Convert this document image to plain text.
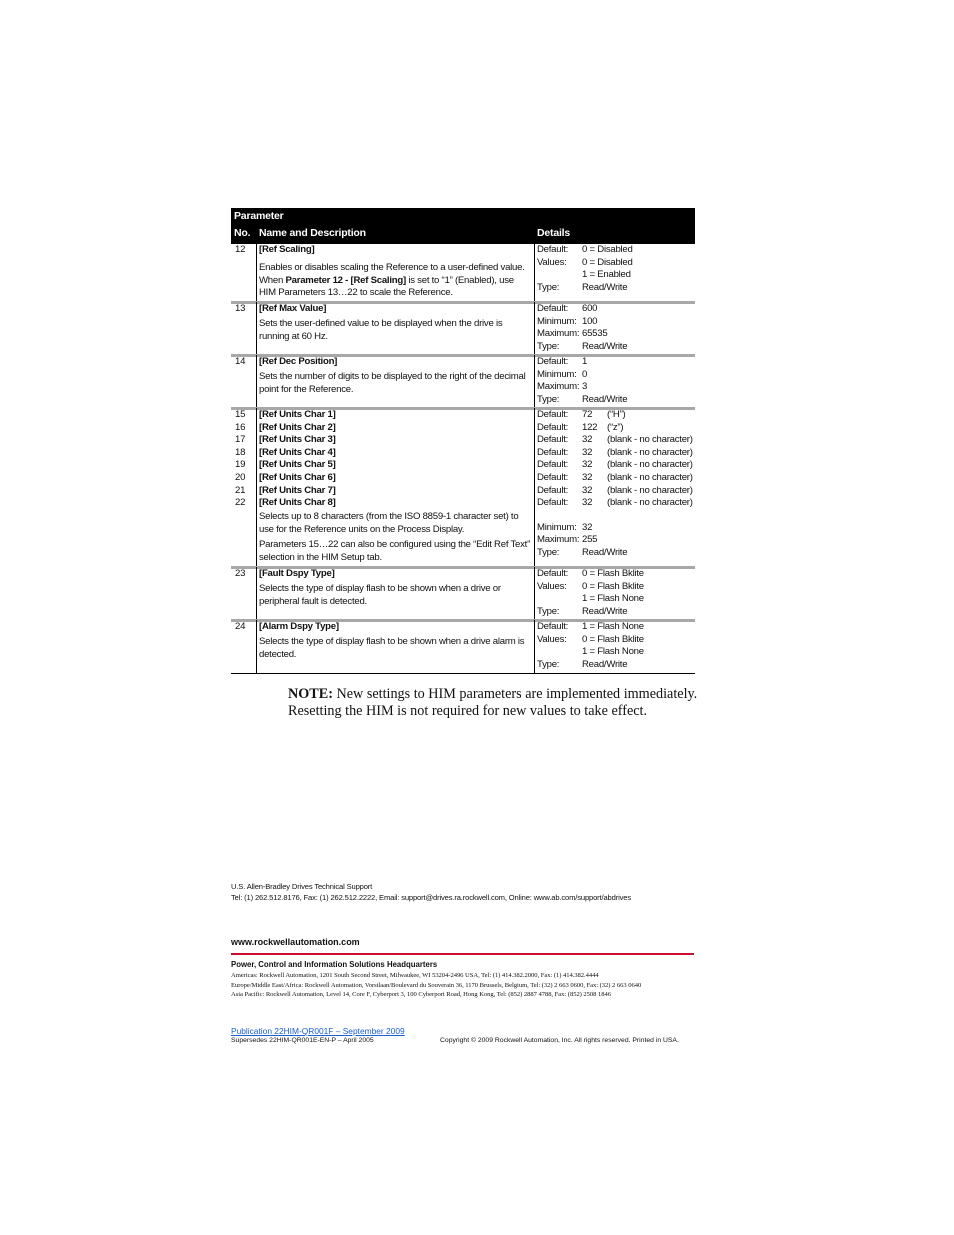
Parameter
No. Name and Description	Details
12 [Ref Scaling]

Enables or disables scaling the Reference to a user-defined value. When Parameter 12 - [Ref Scaling] is set to “1” (Enabled), use HIM Parameters 13…22 to scale the Reference.

Default: 0 = Disabled
Values: 0 = Disabled
1 = Enabled
Type: Read/Write
13 [Ref Max Value]

Sets the user-defined value to be displayed when the drive is running at 60 Hz.

Default: 600
Minimum: 100
Maximum: 65535
Type: Read/Write
14 [Ref Dec Position]

Sets the number of digits to be displayed to the right of the decimal point for the Reference.

Default: 1
Minimum: 0
Maximum: 3
Type: Read/Write
15
16
17
18
19
20
21
22
[Ref Units Char 1]
[Ref Units Char 2]
[Ref Units Char 3]
[Ref Units Char 4]
[Ref Units Char 5]
[Ref Units Char 6]
[Ref Units Char 7]
[Ref Units Char 8]

Selects up to 8 characters (from the ISO 8859-1 character set) to use for the Reference units on the Process Display.

Parameters 15…22 can also be configured using the “Edit Ref Text” selection in the HIM Setup tab.

Default: 72 (“H”)
Default: 122 (“z”)
Default: 32 (blank - no character)
Default: 32 (blank - no character)
Default: 32 (blank - no character)
Default: 32 (blank - no character)
Default: 32 (blank - no character)
Default: 32 (blank - no character)
Minimum: 32
Maximum: 255
Type: Read/Write
23 [Fault Dspy Type]

Selects the type of display flash to be shown when a drive or peripheral fault is detected.

Default: 0 = Flash Bklite
Values: 0 = Flash Bklite
1 = Flash None
Type: Read/Write
24 [Alarm Dspy Type]

Selects the type of display flash to be shown when a drive alarm is detected.

Default: 1 = Flash None
Values: 0 = Flash Bklite
1 = Flash None
Type: Read/Write
NOTE: New settings to HIM parameters are implemented immediately.
Resetting the HIM is not required for new values to take effect.
U.S. Allen-Bradley Drives Technical Support
Tel: (1) 262.512.8176, Fax: (1) 262.512.2222, Email: support@drives.ra.rockwell.com, Online: www.ab.com/support/abdrives
www.rockwellautomation.com
Power, Control and Information Solutions Headquarters
Americas: Rockwell Automation, 1201 South Second Street, Milwaukee, WI 53204-2496 USA, Tel: (1) 414.382.2000, Fax: (1) 414.382.4444
Europe/Middle East/Africa: Rockwell Automation, Vorstlaan/Boulevard du Souverain 36, 1170 Brussels, Belgium, Tel: (32) 2 663 0600, Fax: (32) 2 663 0640
Asia Pacific: Rockwell Automation, Level 14, Core F, Cyberport 3, 100 Cyberport Road, Hong Kong, Tel: (852) 2887 4788, Fax: (852) 2508 1846
Publication 22HIM-QR001F – September 2009
Supersedes 22HIM-QR001E-EN-P – April 2005	Copyright © 2009 Rockwell Automation, Inc. All rights reserved. Printed in USA.
